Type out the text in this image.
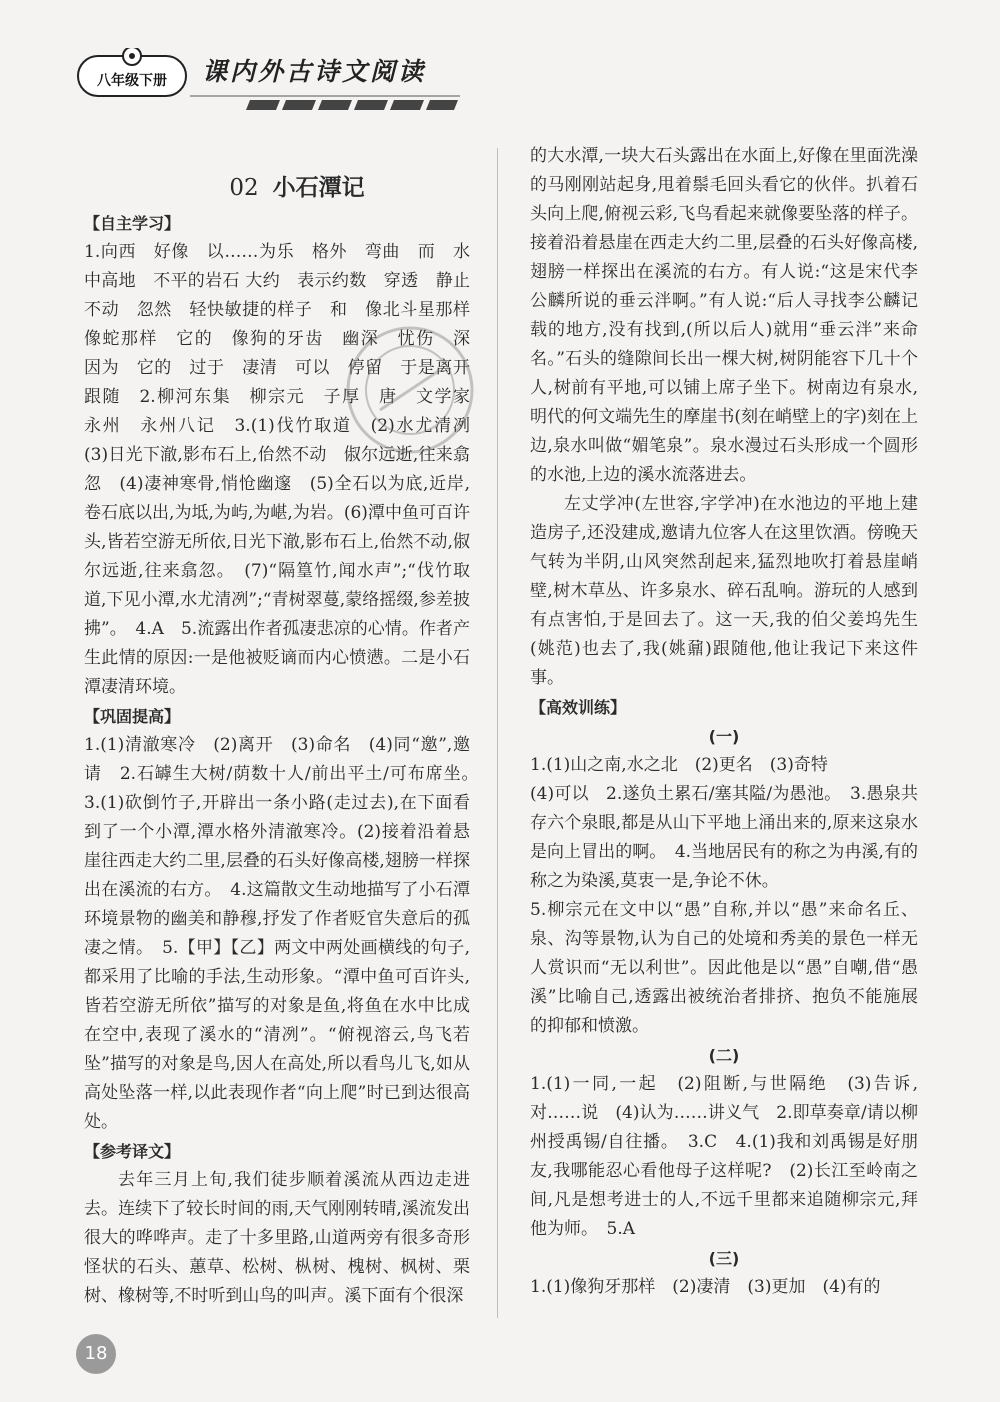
八年级下册	课内外古诗文阅读
02 小石潭记
【自主学习】

1.向西　好像　以……为乐　格外　弯曲　而　水中高地　不平的岩石 大约　表示约数　穿透　静止不动　忽然　轻快敏捷的样子　和　像北斗星那样　像蛇那样　它的　像狗的牙齿　幽深　忧伤　深　因为　它的　过于　凄清　可以　停留　于是离开　跟随　2.柳河东集　柳宗元　子厚　唐　文学家　永州　永州八记　3.(1)伐竹取道　(2)水尤清冽　(3)日光下澈,影布石上,佁然不动　俶尔远逝,往来翕忽　(4)凄神寒骨,悄怆幽邃　(5)全石以为底,近岸,卷石底以出,为坻,为屿,为嵁,为岩。(6)潭中鱼可百许头,皆若空游无所依,日光下澈,影布石上,佁然不动,俶尔远逝,往来翕忽。　(7)“隔篁竹,闻水声”;“伐竹取道,下见小潭,水尤清冽”;“青树翠蔓,蒙络摇缀,参差披拂”。　4.A　5.流露出作者孤凄悲凉的心情。作者产生此情的原因:一是他被贬谪而内心愤懑。二是小石潭凄清环境。

【巩固提高】

1.(1)清澈寒冷　(2)离开　(3)命名　(4)同“邀”,邀请　2.石罅生大树/荫数十人/前出平土/可布席坐。　3.(1)砍倒竹子,开辟出一条小路(走过去),在下面看到了一个小潭,潭水格外清澈寒冷。(2)接着沿着悬崖往西走大约二里,层叠的石头好像高楼,翅膀一样探出在溪流的右方。　4.这篇散文生动地描写了小石潭环境景物的幽美和静穆,抒发了作者贬官失意后的孤凄之情。　5.【甲】【乙】两文中两处画横线的句子,都采用了比喻的手法,生动形象。“潭中鱼可百许头,皆若空游无所依”描写的对象是鱼,将鱼在水中比成在空中,表现了溪水的“清冽”。“俯视溶云,鸟飞若坠”描写的对象是鸟,因人在高处,所以看鸟儿飞,如从高处坠落一样,以此表现作者“向上爬”时已到达很高处。

【参考译文】

去年三月上旬,我们徒步顺着溪流从西边走进去。连续下了较长时间的雨,天气刚刚转晴,溪流发出很大的哗哗声。走了十多里路,山道两旁有很多奇形怪状的石头、蕙草、松树、枞树、槐树、枫树、栗树、橡树等,不时听到山鸟的叫声。溪下面有个很深

的大水潭,一块大石头露出在水面上,好像在里面洗澡的马刚刚站起身,甩着鬃毛回头看它的伙伴。扒着石头向上爬,俯视云彩,飞鸟看起来就像要坠落的样子。接着沿着悬崖在西走大约二里,层叠的石头好像高楼,翅膀一样探出在溪流的右方。有人说:“这是宋代李公麟所说的垂云泮啊。”有人说:“后人寻找李公麟记载的地方,没有找到,(所以后人)就用“垂云泮”来命名。”石头的缝隙间长出一棵大树,树阴能容下几十个人,树前有平地,可以铺上席子坐下。树南边有泉水,明代的何文端先生的摩崖书(刻在峭壁上的字)刻在上边,泉水叫做“媚笔泉”。泉水漫过石头形成一个圆形的水池,上边的溪水流落进去。

左丈学冲(左世容,字学冲)在水池边的平地上建造房子,还没建成,邀请九位客人在这里饮酒。傍晚天气转为半阴,山风突然刮起来,猛烈地吹打着悬崖峭壁,树木草丛、许多泉水、碎石乱响。游玩的人感到有点害怕,于是回去了。这一天,我的伯父姜坞先生(姚范)也去了,我(姚鼐)跟随他,他让我记下来这件事。

【高效训练】
(一)

1.(1)山之南,水之北　(2)更名　(3)奇特

(4)可以　2.遂负土累石/塞其隘/为愚池。　3.愚泉共存六个泉眼,都是从山下平地上涌出来的,原来这泉水是向上冒出的啊。　4.当地居民有的称之为冉溪,有的称之为染溪,莫衷一是,争论不休。

5.柳宗元在文中以“愚”自称,并以“愚”来命名丘、泉、沟等景物,认为自己的处境和秀美的景色一样无人赏识而“无以利世”。因此他是以“愚”自嘲,借“愚溪”比喻自己,透露出被统治者排挤、抱负不能施展的抑郁和愤激。

(二)

1.(1)一同,一起　(2)阻断,与世隔绝　(3)告诉,对……说　(4)认为……讲义气　2.即草奏章/请以柳州授禹锡/自往播。　3.C　4.(1)我和刘禹锡是好朋友,我哪能忍心看他母子这样呢?　(2)长江至岭南之间,凡是想考进士的人,不远千里都来追随柳宗元,拜他为师。　5.A

(三)

1.(1)像狗牙那样　(2)凄清　(3)更加　(4)有的

18
